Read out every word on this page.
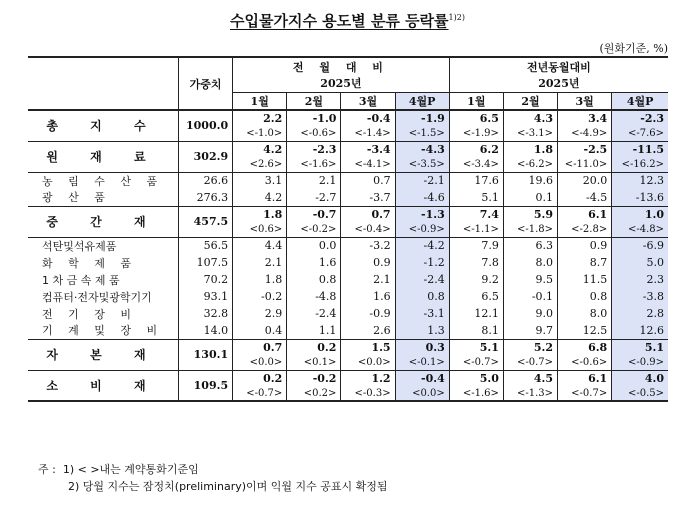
수입물가지수 용도별 분류 등락률$^{1)2)}$
(원화기준, %)
	가중치	전 월 대 비				전년동월대비			
		2025년				2025년			
		1월	2월	3월	4월P	1월	2월	3월	4월P
총 지 수	1000.0	2.2	-1.0	-0.4	-1.9	6.5	4.3	3.4	-2.3
		<-1.0>	<-0.6>	<-1.4>	<-1.5>	<-1.9>	<-3.1>	<-4.9>	<-7.6>
원 재 료	302.9	4.2	-2.3	-3.4	-4.3	6.2	1.8	-2.5	-11.5
		<2.6>	<-1.6>	<-4.1>	<-3.5>	<-3.4>	<-6.2>	<-11.0>	<-16.2>
농 림 수 산 품	26.6	3.1	2.1	0.7	-2.1	17.6	19.6	20.0	12.3
광 산 품	276.3	4.2	-2.7	-3.7	-4.6	5.1	0.1	-4.5	-13.6
중 간 재	457.5	1.8	-0.7	0.7	-1.3	7.4	5.9	6.1	1.0
		<0.6>	<-0.2>	<-0.4>	<-0.9>	<-1.1>	<-1.8>	<-2.8>	<-4.8>
석탄및석유제품	56.5	4.4	0.0	-3.2	-4.2	7.9	6.3	0.9	-6.9
화 학 제 품	107.5	2.1	1.6	0.9	-1.2	7.8	8.0	8.7	5.0
1 차 금 속 제 품	70.2	1.8	0.8	2.1	-2.4	9.2	9.5	11.5	2.3
컴퓨터·전자및광학기기	93.1	-0.2	-4.8	1.6	0.8	6.5	-0.1	0.8	-3.8
전 기 장 비	32.8	2.9	-2.4	-0.9	-3.1	12.1	9.0	8.0	2.8
기 계 및 장 비	14.0	0.4	1.1	2.6	1.3	8.1	9.7	12.5	12.6
자 본 재	130.1	0.7	0.2	1.5	0.3	5.1	5.2	6.8	5.1
		<0.0>	<0.1>	<0.0>	<-0.1>	<-0.7>	<-0.7>	<-0.6>	<-0.9>
소 비 재	109.5	0.2	-0.2	1.2	-0.4	5.0	4.5	6.1	4.0
		<-0.7>	<0.2>	<-0.3>	<0.0>	<-1.6>	<-1.3>	<-0.7>	<-0.5>
주 : 1) < >내는 계약통화기준임
2) 당월 지수는 잠정치(preliminary)이며 익월 지수 공표시 확정됨
